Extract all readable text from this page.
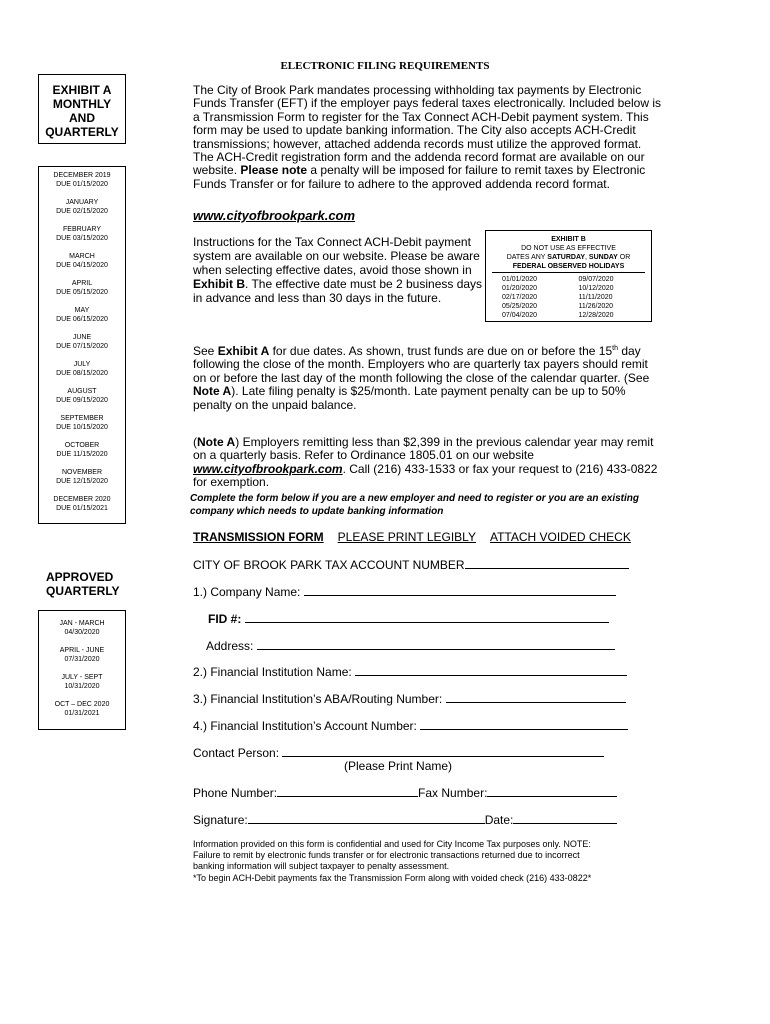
ELECTRONIC FILING REQUIREMENTS
EXHIBIT A
MONTHLY
AND
QUARTERLY
DECEMBER 2019
DUE 01/15/2020
JANUARY
DUE 02/15/2020
FEBRUARY
DUE 03/15/2020
MARCH
DUE 04/15/2020
APRIL
DUE 05/15/2020
MAY
DUE 06/15/2020
JUNE
DUE 07/15/2020
JULY
DUE 08/15/2020
AUGUST
DUE 09/15/2020
SEPTEMBER
DUE 10/15/2020
OCTOBER
DUE 11/15/2020
NOVEMBER
DUE 12/15/2020
DECEMBER 2020
DUE 01/15/2021
APPROVED
QUARTERLY
JAN - MARCH
04/30/2020
APRIL - JUNE
07/31/2020
JULY - SEPT
10/31/2020
OCT – DEC 2020
01/31/2021
The City of Brook Park mandates processing withholding tax payments by Electronic Funds Transfer (EFT) if the employer pays federal taxes electronically. Included below is a Transmission Form to register for the Tax Connect ACH-Debit payment system. This form may be used to update banking information. The City also accepts ACH-Credit transmissions; however, attached addenda records must utilize the approved format. The ACH-Credit registration form and the addenda record format are available on our website. Please note a penalty will be imposed for failure to remit taxes by Electronic Funds Transfer or for failure to adhere to the approved addenda record format.
www.cityofbrookpark.com
Instructions for the Tax Connect ACH-Debit payment system are available on our website. Please be aware when selecting effective dates, avoid those shown in Exhibit B. The effective date must be 2 business days in advance and less than 30 days in the future.
EXHIBIT B
DO NOT USE AS EFFECTIVE
DATES ANY SATURDAY, SUNDAY OR
FEDERAL OBSERVED HOLIDAYS
01/01/2020	09/07/2020
01/20/2020	10/12/2020
02/17/2020	11/11/2020
05/25/2020	11/26/2020
07/04/2020	12/28/2020
See Exhibit A for due dates. As shown, trust funds are due on or before the 15th day following the close of the month. Employers who are quarterly tax payers should remit on or before the last day of the month following the close of the calendar quarter. (See Note A). Late filing penalty is $25/month. Late payment penalty can be up to 50% penalty on the unpaid balance.
(Note A) Employers remitting less than $2,399 in the previous calendar year may remit on a quarterly basis. Refer to Ordinance 1805.01 on our website www.cityofbrookpark.com. Call (216) 433-1533 or fax your request to (216) 433-0822 for exemption.
Complete the form below if you are a new employer and need to register or you are an existing company which needs to update banking information
TRANSMISSION FORM PLEASE PRINT LEGIBLY ATTACH VOIDED CHECK
CITY OF BROOK PARK TAX ACCOUNT NUMBER
1.) Company Name:
FID #:
Address:
2.) Financial Institution Name:
3.) Financial Institution’s ABA/Routing Number:
4.) Financial Institution’s Account Number:
Contact Person:
(Please Print Name)
Phone Number:	Fax Number:
Signature:	Date:
Information provided on this form is confidential and used for City Income Tax purposes only. NOTE:
Failure to remit by electronic funds transfer or for electronic transactions returned due to incorrect
banking information will subject taxpayer to penalty assessment.
*To begin ACH-Debit payments fax the Transmission Form along with voided check (216) 433-0822*
